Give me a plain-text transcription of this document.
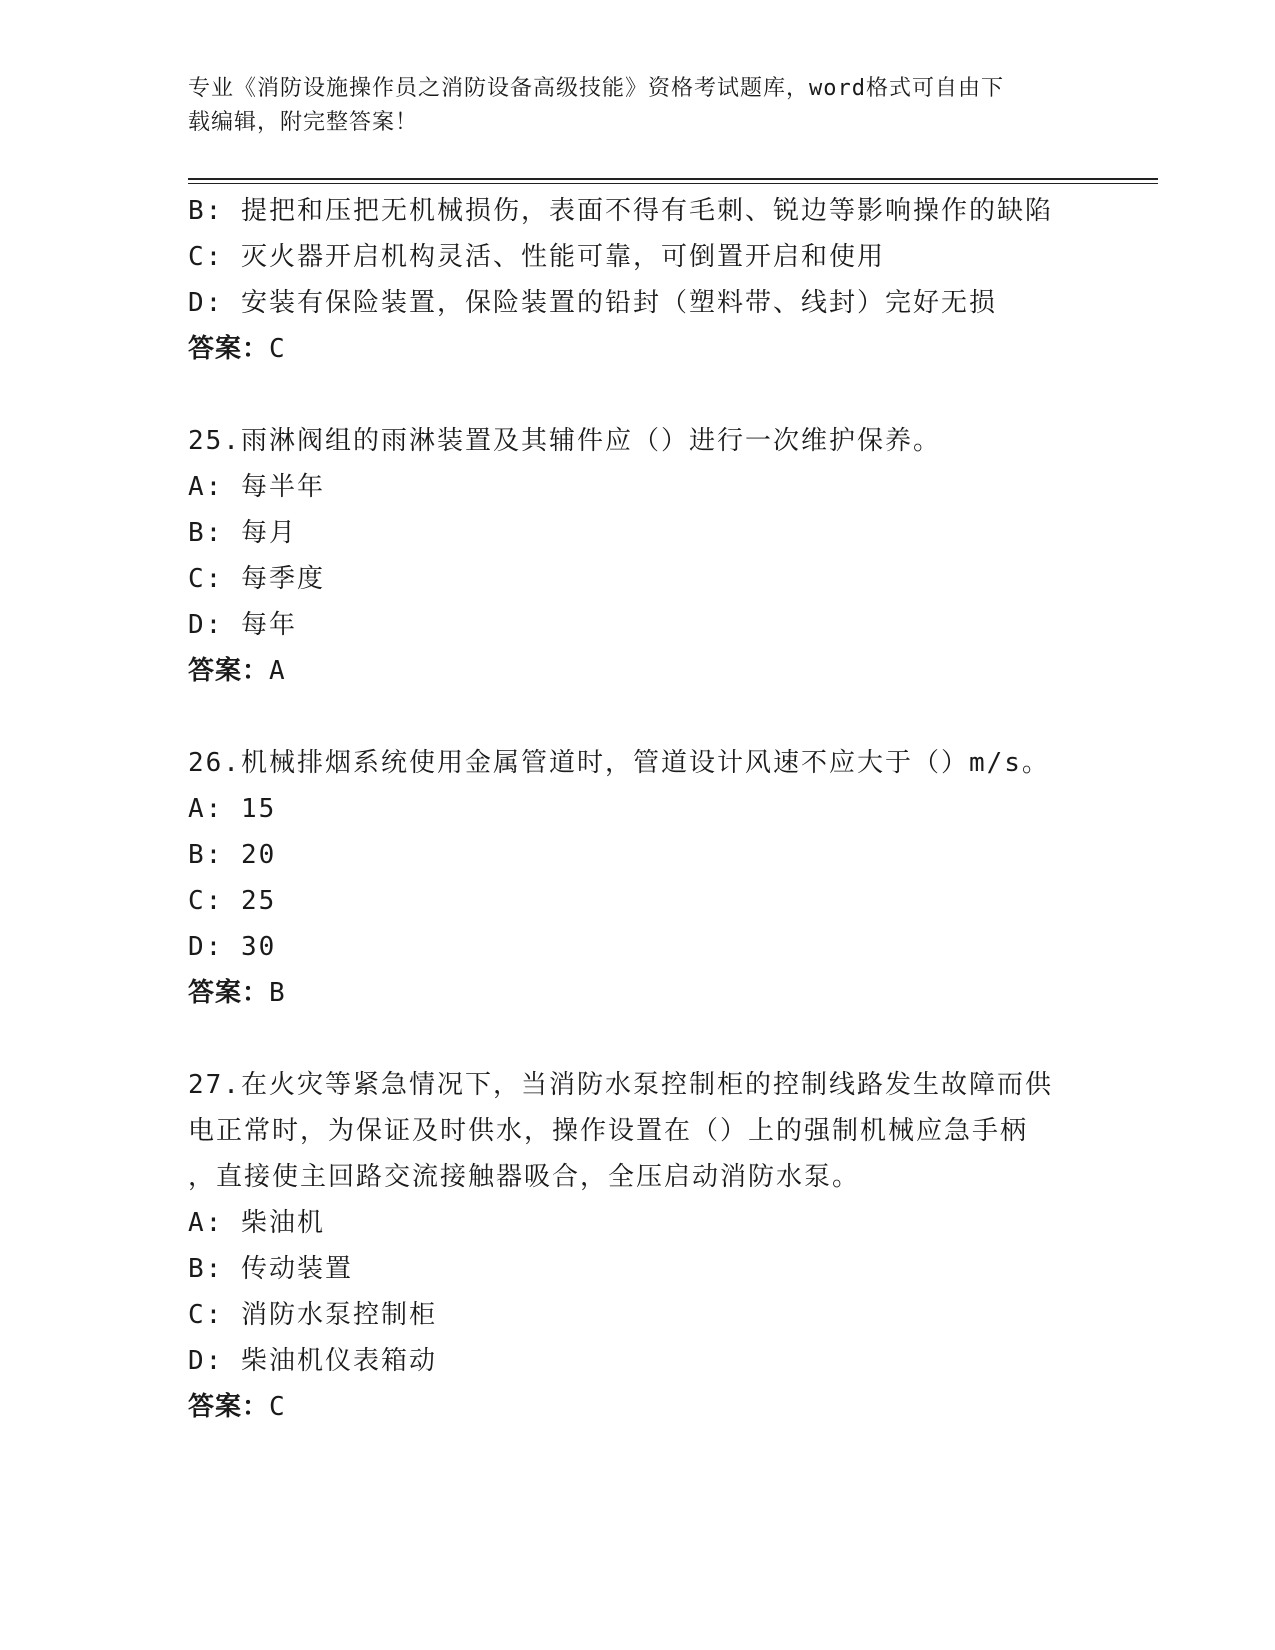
专业《消防设施操作员之消防设备高级技能》资格考试题库，word格式可自由下
载编辑，附完整答案！
B: 提把和压把无机械损伤，表面不得有毛刺、锐边等影响操作的缺陷
C: 灭火器开启机构灵活、性能可靠，可倒置开启和使用
D: 安装有保险装置，保险装置的铅封（塑料带、线封）完好无损
答案：C
25.雨淋阀组的雨淋装置及其辅件应（）进行一次维护保养。
A: 每半年
B: 每月
C: 每季度
D: 每年
答案：A
26.机械排烟系统使用金属管道时，管道设计风速不应大于（）m/s。
A: 15
B: 20
C: 25
D: 30
答案：B
27.在火灾等紧急情况下，当消防水泵控制柜的控制线路发生故障而供
电正常时，为保证及时供水，操作设置在（）上的强制机械应急手柄
，直接使主回路交流接触器吸合，全压启动消防水泵。
A: 柴油机
B: 传动装置
C: 消防水泵控制柜
D: 柴油机仪表箱动
答案：C
